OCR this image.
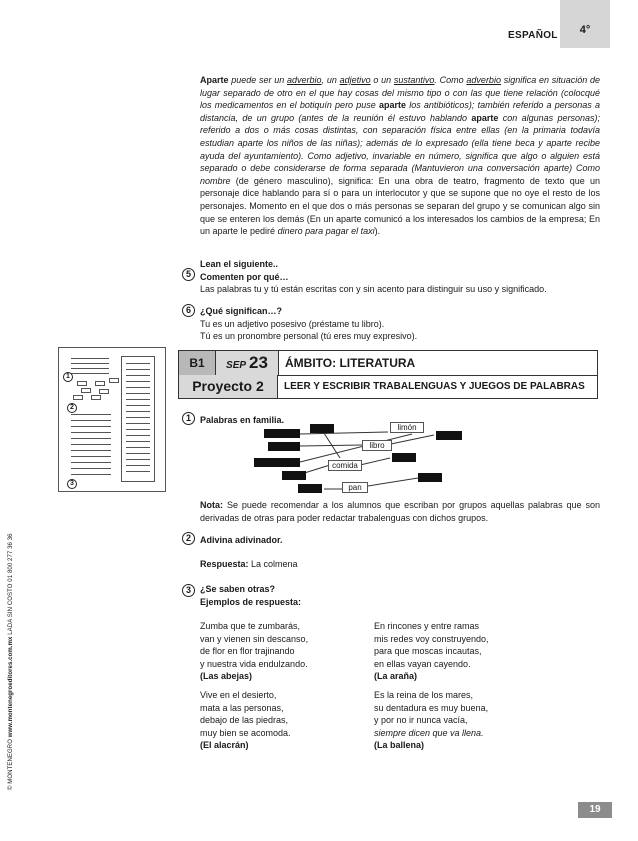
ESPAÑOL	4°
© MONTENEGRO www.montenegroeditores.com.mx LADA SIN COSTO 01 800 277 36 36
Aparte puede ser un adverbio, un adjetivo o un sustantivo. Como adverbio significa en situación de lugar separado de otro en el que hay cosas del mismo tipo o con las que tiene relación (colocqué los medicamentos en el botiquín pero puse aparte los antibióticos); también referido a personas a distancia, de un grupo (antes de la reunión él estuvo hablando aparte con algunas personas); referido a dos o más cosas distintas, con separación física entre ellas (en la primaria todavía estudian aparte los niños de las niñas); además de lo expresado (ella tiene beca y aparte recibe ayuda del ayuntamiento). Como adjetivo, invariable en número, significa que algo o alguien está separado o debe considerarse de forma separada (Mantuvieron una conversación aparte) Como nombre (de género masculino), significa: En una obra de teatro, fragmento de texto que un personaje dice hablando para sí o para un interlocutor y que se supone que no oye el resto de los personajes. Momento en el que dos o más personas se separan del grupo y se comunican algo sin que se enteren los demás (En un aparte comunicó a los interesados los cambios de la empresa; En un aparte le pediré dinero para pagar el taxi).
5
Lean el siguiente..
Comenten por qué…
Las palabras tu y tú están escritas con y sin acento para distinguir su uso y significado.
6	¿Qué significan…?
Tu es un adjetivo posesivo (préstame tu libro).
Tú es un pronombre personal (tú eres muy expresivo).
1
2
3
B1	SEP 23	ÁMBITO: LITERATURA
Proyecto 2	LEER Y ESCRIBIR TRABALENGUAS Y JUEGOS DE PALABRAS
1	Palabras en familia.
limón
libro
comida
pan
Nota: Se puede recomendar a los alumnos que escriban por grupos aquellas palabras que son derivadas de otras para poder redactar trabalenguas con dichos grupos.
2	Adivina adivinador.
Respuesta: La colmena
3	¿Se saben otras?
Ejemplos de respuesta:
Zumba que te zumbarás,
van y vienen sin descanso,
de flor en flor trajinando
y nuestra vida endulzando.
(Las abejas)
En rincones y entre ramas
mis redes voy construyendo,
para que moscas incautas,
en ellas vayan cayendo.
(La araña)
Vive en el desierto,
mata a las personas,
debajo de las piedras,
muy bien se acomoda.
(El alacrán)
Es la reina de los mares,
su dentadura es muy buena,
y por no ir nunca vacía,
siempre dicen que va llena.
(La ballena)
19
